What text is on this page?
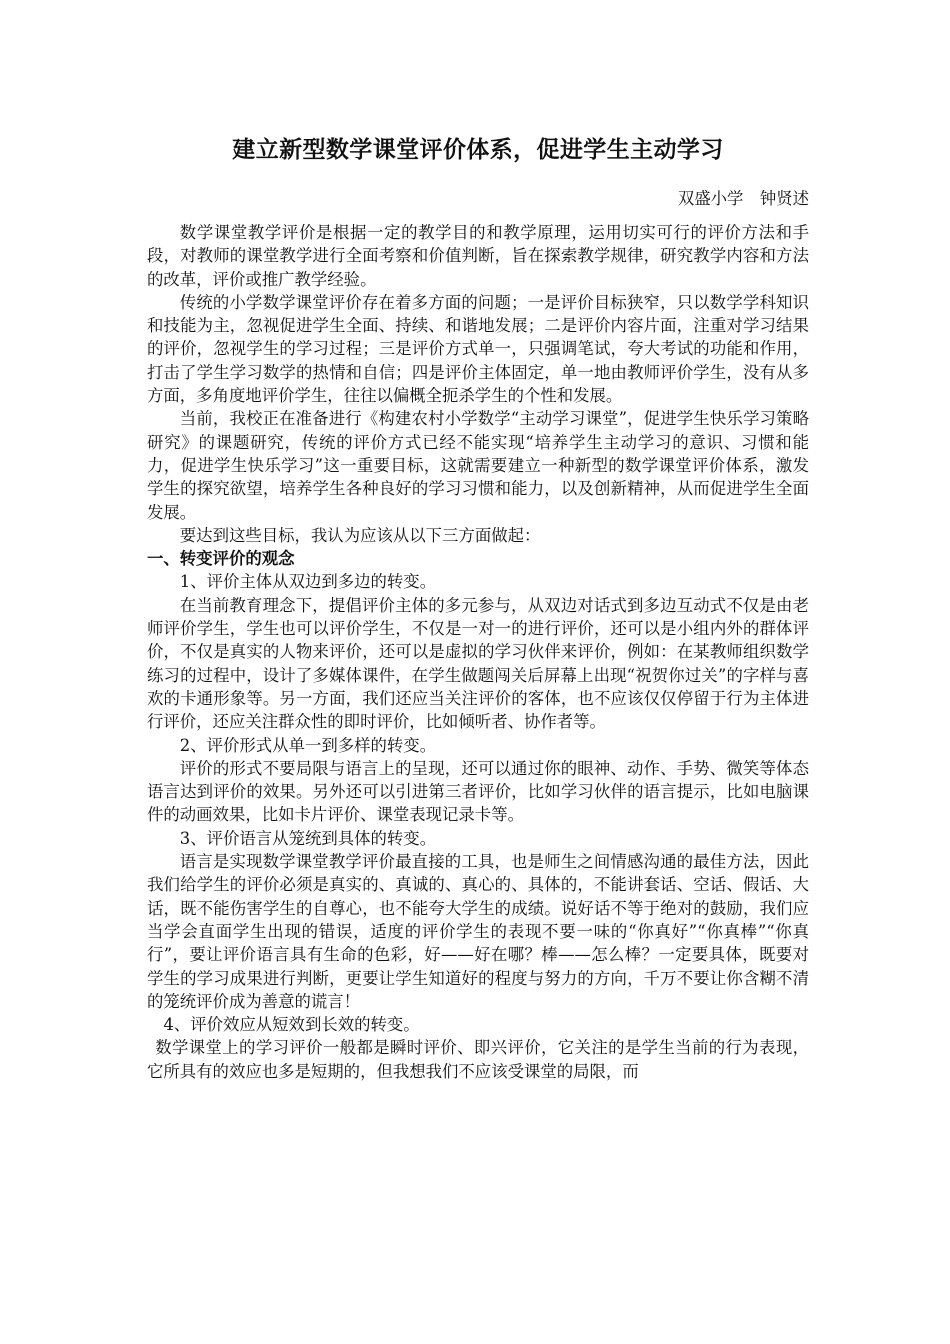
建立新型数学课堂评价体系，促进学生主动学习
双盛小学　钟贤述

数学课堂教学评价是根据一定的教学目的和教学原理，运用切实可行的评价方法和手段，对教师的课堂教学进行全面考察和价值判断，旨在探索教学规律，研究教学内容和方法的改革，评价或推广教学经验。

传统的小学数学课堂评价存在着多方面的问题；一是评价目标狭窄，只以数学学科知识和技能为主，忽视促进学生全面、持续、和谐地发展；二是评价内容片面，注重对学习结果的评价，忽视学生的学习过程；三是评价方式单一，只强调笔试，夸大考试的功能和作用，打击了学生学习数学的热情和自信；四是评价主体固定，单一地由教师评价学生，没有从多方面，多角度地评价学生，往往以偏概全扼杀学生的个性和发展。

当前，我校正在准备进行《构建农村小学数学“主动学习课堂”，促进学生快乐学习策略研究》的课题研究，传统的评价方式已经不能实现“培养学生主动学习的意识、习惯和能力，促进学生快乐学习”这一重要目标，这就需要建立一种新型的数学课堂评价体系，激发学生的探究欲望，培养学生各种良好的学习习惯和能力，以及创新精神，从而促进学生全面发展。

要达到这些目标，我认为应该从以下三方面做起：

一、转变评价的观念

1、评价主体从双边到多边的转变。

在当前教育理念下，提倡评价主体的多元参与，从双边对话式到多边互动式不仅是由老师评价学生，学生也可以评价学生，不仅是一对一的进行评价，还可以是小组内外的群体评价，不仅是真实的人物来评价，还可以是虚拟的学习伙伴来评价，例如：在某教师组织数学练习的过程中，设计了多媒体课件，在学生做题闯关后屏幕上出现“祝贺你过关”的字样与喜欢的卡通形象等。另一方面，我们还应当关注评价的客体，也不应该仅仅停留于行为主体进行评价，还应关注群众性的即时评价，比如倾听者、协作者等。

2、评价形式从单一到多样的转变。

评价的形式不要局限与语言上的呈现，还可以通过你的眼神、动作、手势、微笑等体态语言达到评价的效果。另外还可以引进第三者评价，比如学习伙伴的语言提示，比如电脑课件的动画效果，比如卡片评价、课堂表现记录卡等。

3、评价语言从笼统到具体的转变。

语言是实现数学课堂教学评价最直接的工具，也是师生之间情感沟通的最佳方法，因此我们给学生的评价必须是真实的、真诚的、真心的、具体的，不能讲套话、空话、假话、大话，既不能伤害学生的自尊心，也不能夸大学生的成绩。说好话不等于绝对的鼓励，我们应当学会直面学生出现的错误，适度的评价学生的表现不要一味的“你真好”“你真棒”“你真行”，要让评价语言具有生命的色彩，好——好在哪？棒——怎么棒？一定要具体，既要对学生的学习成果进行判断，更要让学生知道好的程度与努力的方向，千万不要让你含糊不清的笼统评价成为善意的谎言！

4、评价效应从短效到长效的转变。

数学课堂上的学习评价一般都是瞬时评价、即兴评价，它关注的是学生当前的行为表现，它所具有的效应也多是短期的，但我想我们不应该受课堂的局限，而
